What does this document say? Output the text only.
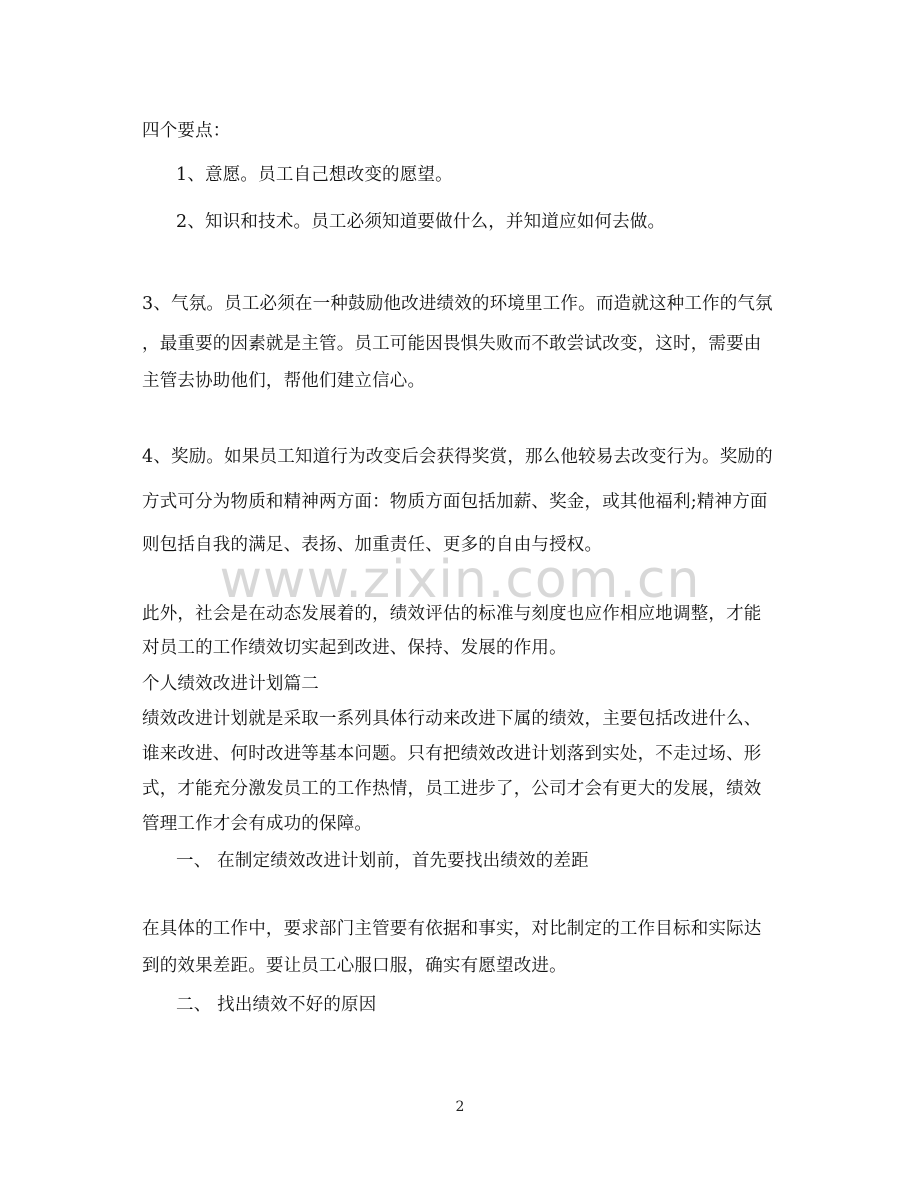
www.zixin.com.cn
四个要点：
1、意愿。员工自己想改变的愿望。
2、知识和技术。员工必须知道要做什么，并知道应如何去做。
3、气氛。员工必须在一种鼓励他改进绩效的环境里工作。而造就这种工作的气氛
，最重要的因素就是主管。员工可能因畏惧失败而不敢尝试改变，这时，需要由
主管去协助他们，帮他们建立信心。
4、奖励。如果员工知道行为改变后会获得奖赏，那么他较易去改变行为。奖励的
方式可分为物质和精神两方面：物质方面包括加薪、奖金，或其他福利;精神方面
则包括自我的满足、表扬、加重责任、更多的自由与授权。
此外，社会是在动态发展着的，绩效评估的标准与刻度也应作相应地调整，才能
对员工的工作绩效切实起到改进、保持、发展的作用。
个人绩效改进计划篇二
绩效改进计划就是采取一系列具体行动来改进下属的绩效，主要包括改进什么、
谁来改进、何时改进等基本问题。只有把绩效改进计划落到实处，不走过场、形
式，才能充分激发员工的工作热情，员工进步了，公司才会有更大的发展，绩效
管理工作才会有成功的保障。
一、 在制定绩效改进计划前，首先要找出绩效的差距
在具体的工作中，要求部门主管要有依据和事实，对比制定的工作目标和实际达
到的效果差距。要让员工心服口服，确实有愿望改进。
二、 找出绩效不好的原因
2
